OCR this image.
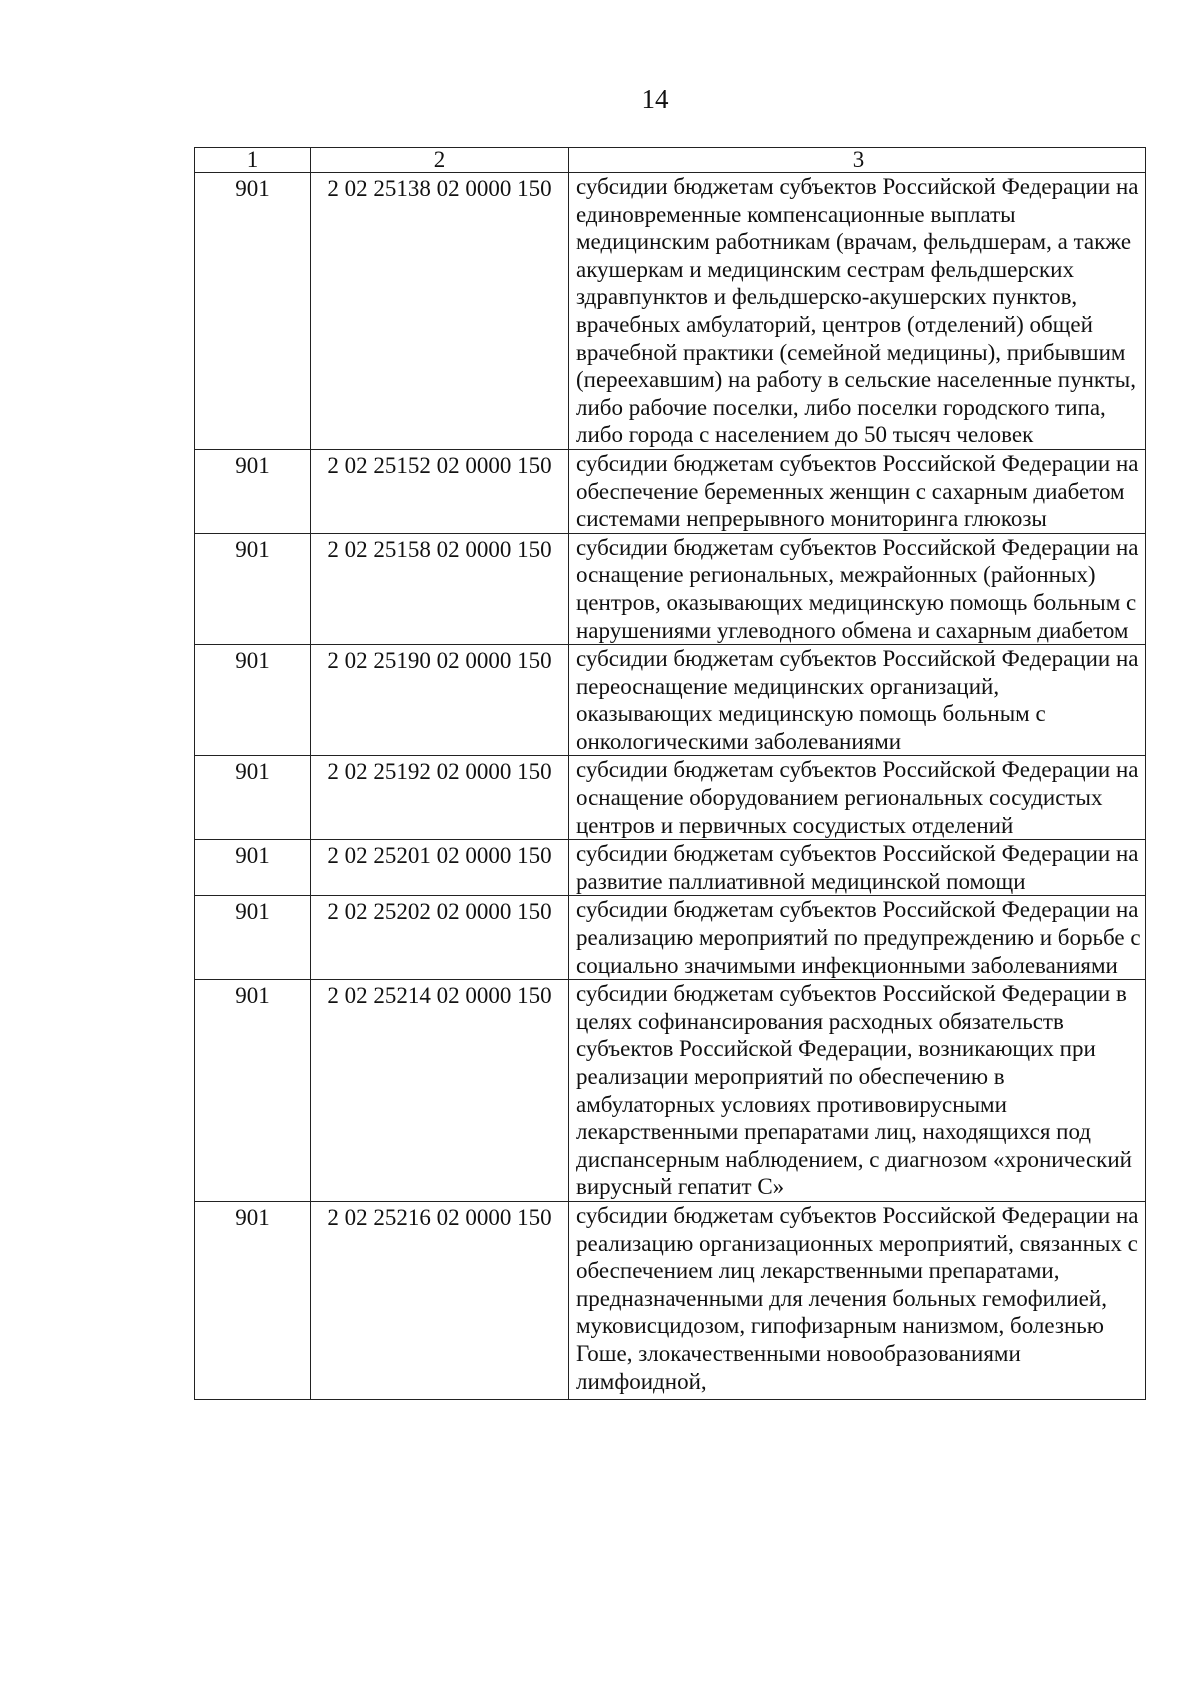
14
1	2	3
901	2 02 25138 02 0000 150	субсидии бюджетам субъектов Российской Федерации на единовременные компенсационные выплаты медицинским работникам (врачам, фельдшерам, а также акушеркам и медицинским сестрам фельдшерских здравпунктов и фельдшерско-акушерских пунктов, врачебных амбулаторий, центров (отделений) общей врачебной практики (семейной медицины), прибывшим (переехавшим) на работу в сельские населенные пункты, либо рабочие поселки, либо поселки городского типа, либо города с населением до 50 тысяч человек
901	2 02 25152 02 0000 150	субсидии бюджетам субъектов Российской Федерации на обеспечение беременных женщин с сахарным диабетом системами непрерывного мониторинга глюкозы
901	2 02 25158 02 0000 150	субсидии бюджетам субъектов Российской Федерации на оснащение региональных, межрайонных (районных) центров, оказывающих медицинскую помощь больным с нарушениями углеводного обмена и сахарным диабетом
901	2 02 25190 02 0000 150	субсидии бюджетам субъектов Российской Федерации на переоснащение медицинских организаций, оказывающих медицинскую помощь больным с онкологическими заболеваниями
901	2 02 25192 02 0000 150	субсидии бюджетам субъектов Российской Федерации на оснащение оборудованием региональных сосудистых центров и первичных сосудистых отделений
901	2 02 25201 02 0000 150	субсидии бюджетам субъектов Российской Федерации на развитие паллиативной медицинской помощи
901	2 02 25202 02 0000 150	субсидии бюджетам субъектов Российской Федерации на реализацию мероприятий по предупреждению и борьбе с социально значимыми инфекционными заболеваниями
901	2 02 25214 02 0000 150	субсидии бюджетам субъектов Российской Федерации в целях софинансирования расходных обязательств субъектов Российской Федерации, возникающих при реализации мероприятий по обеспечению в амбулаторных условиях противовирусными лекарственными препаратами лиц, находящихся под диспансерным наблюдением, с диагнозом «хронический вирусный гепатит С»
901	2 02 25216 02 0000 150	субсидии бюджетам субъектов Российской Федерации на реализацию организационных мероприятий, связанных с обеспечением лиц лекарственными препаратами, предназначенными для лечения больных гемофилией, муковисцидозом, гипофизарным нанизмом, болезнью Гоше, злокачественными новообразованиями лимфоидной,
